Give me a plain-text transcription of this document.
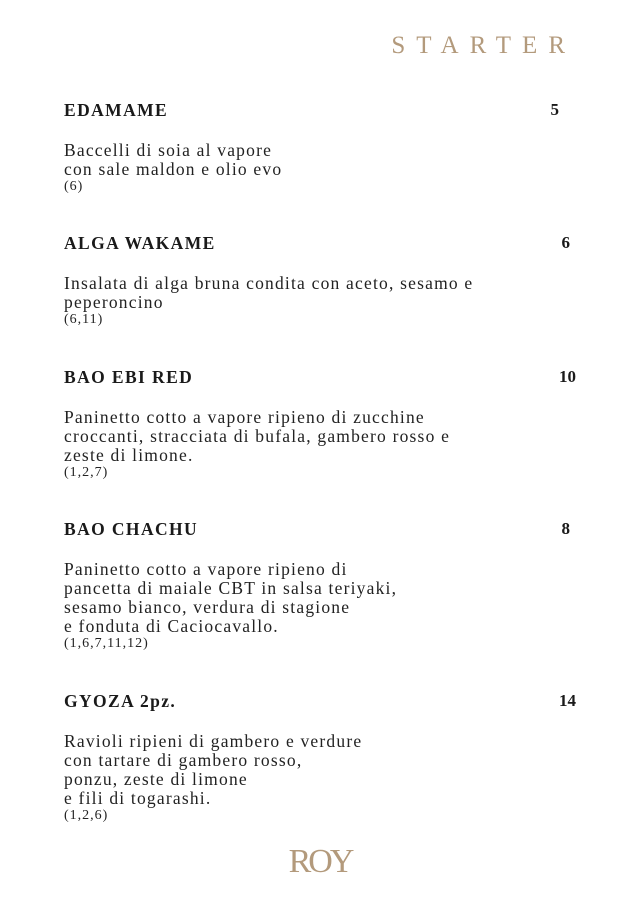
STARTER
EDAMAME	5
Baccelli di soia al vapore
con sale maldon e olio evo
(6)
ALGA WAKAME	6
Insalata di alga bruna condita con aceto, sesamo e
peperoncino
(6,11)
BAO EBI RED	10
Paninetto cotto a vapore ripieno di zucchine
croccanti, stracciata di bufala, gambero rosso e
zeste di limone.
(1,2,7)
BAO CHACHU	8
Paninetto cotto a vapore ripieno di
pancetta di maiale CBT in salsa teriyaki,
sesamo bianco, verdura di stagione
e fonduta di Caciocavallo.
(1,6,7,11,12)
GYOZA 2pz.	14
Ravioli ripieni di gambero e verdure
con tartare di gambero rosso,
ponzu, zeste di limone
e fili di togarashi.
(1,2,6)
ROY
